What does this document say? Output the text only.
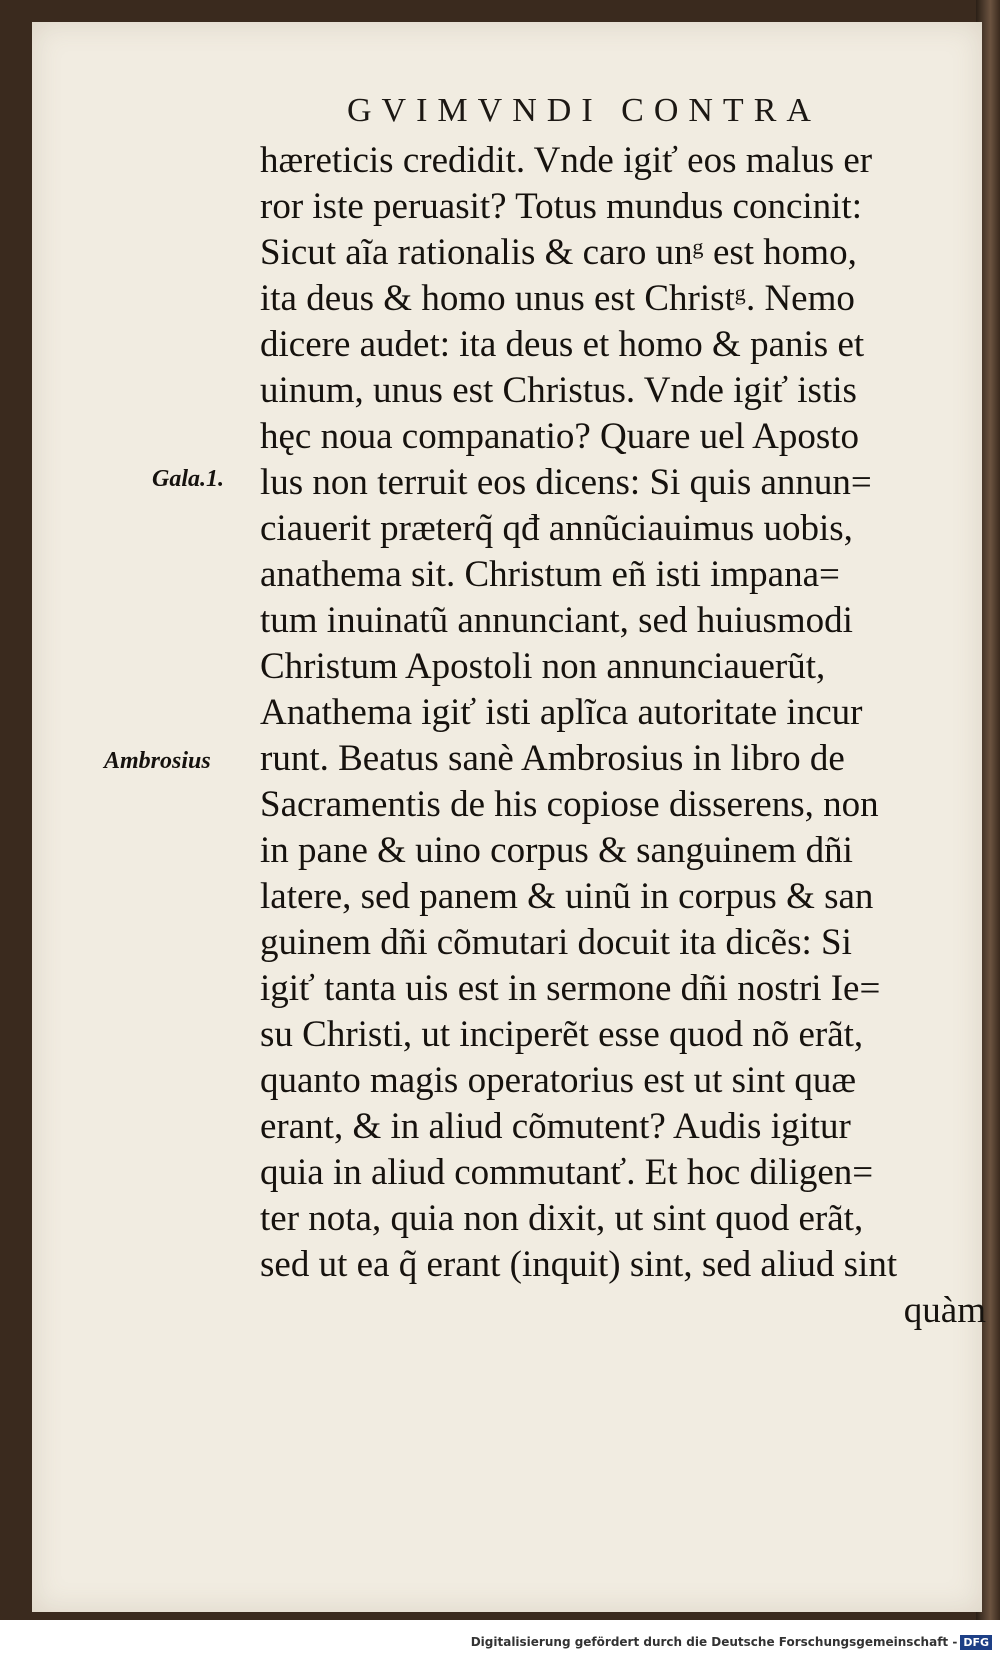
GVIMVNDI CONTRA
Gala.1.
Ambrosius
hæreticis credidit. Vnde igiť eos malus er
ror iste peruasit? Totus mundus concinit:
Sicut aĩa rationalis & caro unᵍ est homo,
ita deus & homo unus est Christᵍ. Nemo
dicere audet: ita deus et homo & panis et
uinum, unus est Christus. Vnde igiť istis
hęc noua companatio? Quare uel Aposto
lus non terruit eos dicens: Si quis annun=
ciauerit præterq̃ qđ annũciauimus uobis,
anathema sit. Christum eñ isti impana=
tum inuinatũ annunciant, sed huiusmodi
Christum Apostoli non annunciauerũt,
Anathema igiť isti aplĩca autoritate incur
runt. Beatus sanè Ambrosius in libro de
Sacramentis de his copiose disserens, non
in pane & uino corpus & sanguinem dñi
latere, sed panem & uinũ in corpus & san
guinem dñi cõmutari docuit ita dicẽs: Si
igiť tanta uis est in sermone dñi nostri Ie=
su Christi, ut inciperẽt esse quod nõ erãt,
quanto magis operatorius est ut sint quæ
erant, & in aliud cõmutent? Audis igitur
quia in aliud commutanť. Et hoc diligen=
ter nota, quia non dixit, ut sint quod erãt,
sed ut ea q̃ erant (inquit) sint, sed aliud sint
quàm
Digitalisierung gefördert durch die Deutsche Forschungsgemeinschaft - DFG
